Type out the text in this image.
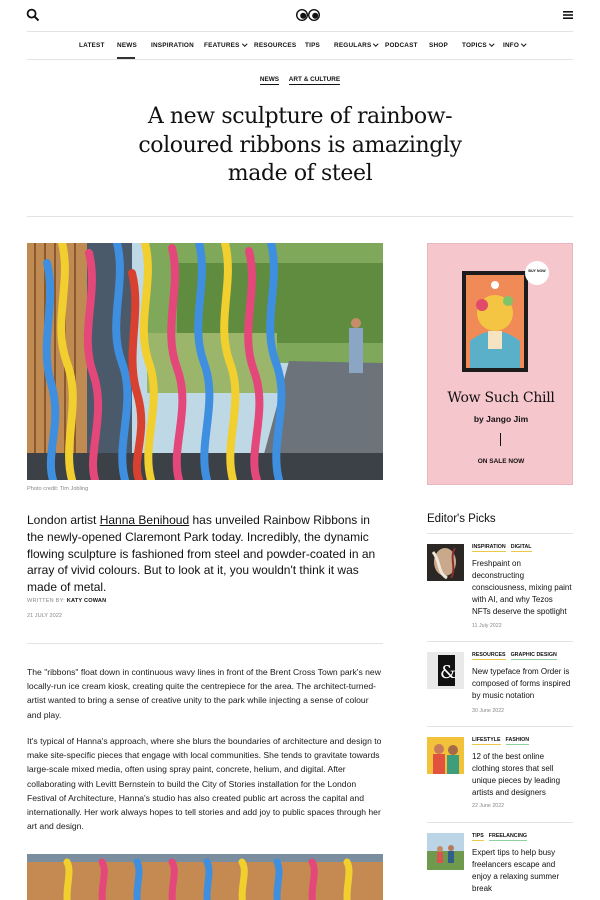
LATEST NEWS INSPIRATION FEATURES	RESOURCES TIPS REGULARS	PODCAST SHOP TOPICS	INFO
NEWS ART & CULTURE
A new sculpture of rainbow-coloured ribbons is amazingly made of steel
Photo credit: Tim Jobling

London artist Hanna Benihoud has unveiled Rainbow Ribbons in the newly-opened Claremont Park today. Incredibly, the dynamic flowing sculpture is fashioned from steel and powder-coated in an array of vivid colours. But to look at it, you wouldn't think it was made of metal.

WRITTEN BY: KATY COWAN
21 JULY 2022

The "ribbons" float down in continuous wavy lines in front of the Brent Cross Town park's new locally-run ice cream kiosk, creating quite the centrepiece for the area. The architect-turned-artist wanted to bring a sense of creative unity to the park while injecting a sense of colour and play.

It's typical of Hanna's approach, where she blurs the boundaries of architecture and design to make site-specific pieces that engage with local communities. She tends to gravitate towards large-scale mixed media, often using spray paint, concrete, helium, and digital. After collaborating with Levitt Bernstein to build the City of Stories installation for the London Festival of Architecture, Hanna's studio has also created public art across the capital and internationally. Her work always hopes to tell stories and add joy to public spaces through her art and design.

BUY NOW
Wow Such Chill
by Jango Jim
ON SALE NOW
Editor's Picks
INSPIRATION DIGITAL
Freshpaint on deconstructing consciousness, mixing paint with AI, and why Tezos NFTs deserve the spotlight
11 July 2022
&
RESOURCES GRAPHIC DESIGN
New typeface from Order is composed of forms inspired by music notation
30 June 2022
LIFESTYLE FASHION
12 of the best online clothing stores that sell unique pieces by leading artists and designers
22 June 2022
TIPS FREELANCING
Expert tips to help busy freelancers escape and enjoy a relaxing summer break
